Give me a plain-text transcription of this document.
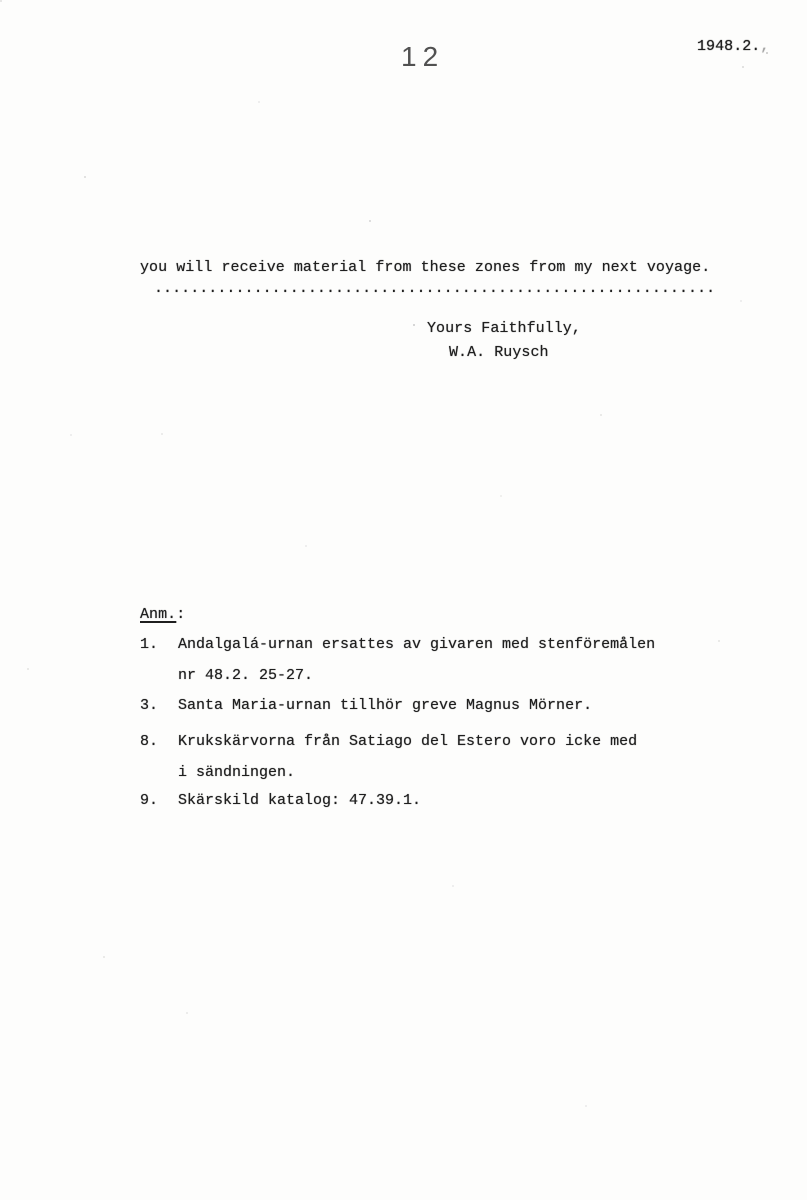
12	1948.2.,
you will receive material from these zones from my next voyage.
..............................................................
Yours Faithfully,
W.A. Ruysch
Anm.:
1.	Andalgalá-urnan ersattes av givaren med stenföremålen
nr 48.2. 25-27.
3.	Santa Maria-urnan tillhör greve Magnus Mörner.
8.	Krukskärvorna från Satiago del Estero voro icke med
i sändningen.
9.	Skärskild katalog: 47.39.1.
